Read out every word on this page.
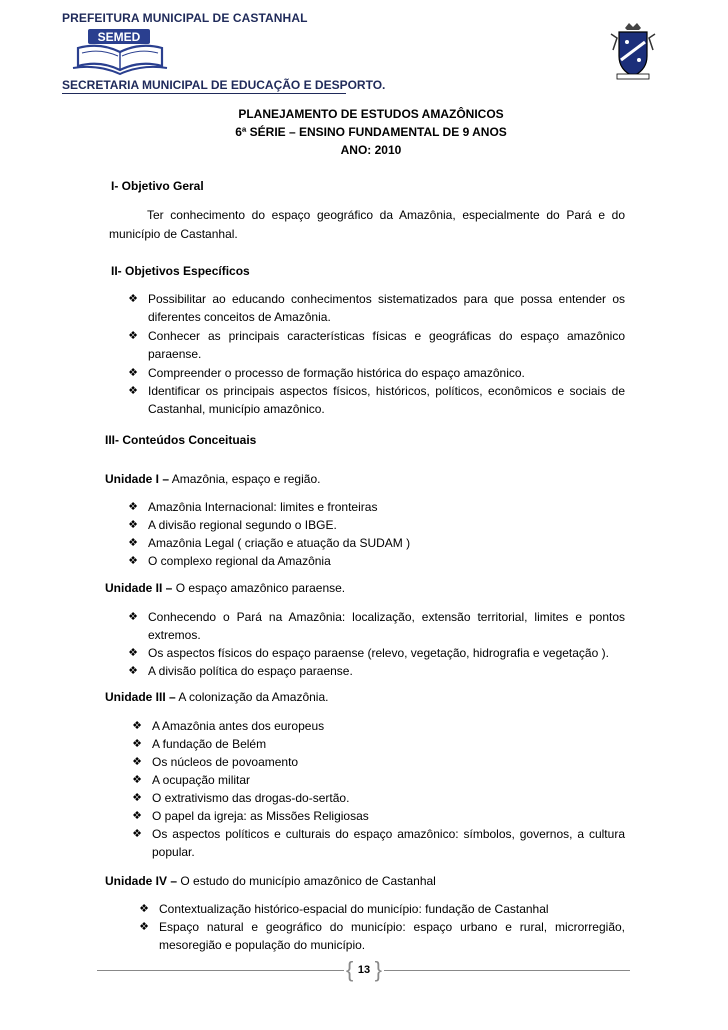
PREFEITURA MUNICIPAL DE CASTANHAL
SEMED
SECRETARIA MUNICIPAL DE EDUCAÇÃO E DESPORTO.
PLANEJAMENTO DE ESTUDOS AMAZÔNICOS
6ª SÉRIE – ENSINO FUNDAMENTAL DE 9 ANOS
ANO: 2010
I- Objetivo Geral
Ter conhecimento do espaço geográfico da Amazônia, especialmente do Pará e do município de Castanhal.
II- Objetivos Específicos
❖ Possibilitar ao educando conhecimentos sistematizados para que possa entender os diferentes conceitos de Amazônia.
❖ Conhecer as principais características físicas e geográficas do espaço amazônico paraense.
❖ Compreender o processo de formação histórica do espaço amazônico.
❖ Identificar os principais aspectos físicos, históricos, políticos, econômicos e sociais de Castanhal, município amazônico.
III- Conteúdos Conceituais
Unidade I – Amazônia, espaço e região.
❖ Amazônia Internacional: limites e fronteiras
❖ A divisão regional segundo o IBGE.
❖ Amazônia Legal ( criação e atuação da SUDAM )
❖ O complexo regional da Amazônia
Unidade II – O espaço amazônico paraense.
❖ Conhecendo o Pará na Amazônia: localização, extensão territorial, limites e pontos extremos.
❖ Os aspectos físicos do espaço paraense (relevo, vegetação, hidrografia e vegetação ).
❖ A divisão política do espaço paraense.
Unidade III – A colonização da Amazônia.
❖ A Amazônia antes dos europeus
❖ A fundação de Belém
❖ Os núcleos de povoamento
❖ A ocupação militar
❖ O extrativismo das drogas-do-sertão.
❖ O papel da igreja: as Missões Religiosas
❖ Os aspectos políticos e culturais do espaço amazônico: símbolos, governos, a cultura popular.
Unidade IV – O estudo do município amazônico de Castanhal
❖ Contextualização histórico-espacial do município: fundação de Castanhal
❖ Espaço natural e geográfico do município: espaço urbano e rural, microrregião, mesoregião e população do município.
{ 13 }
